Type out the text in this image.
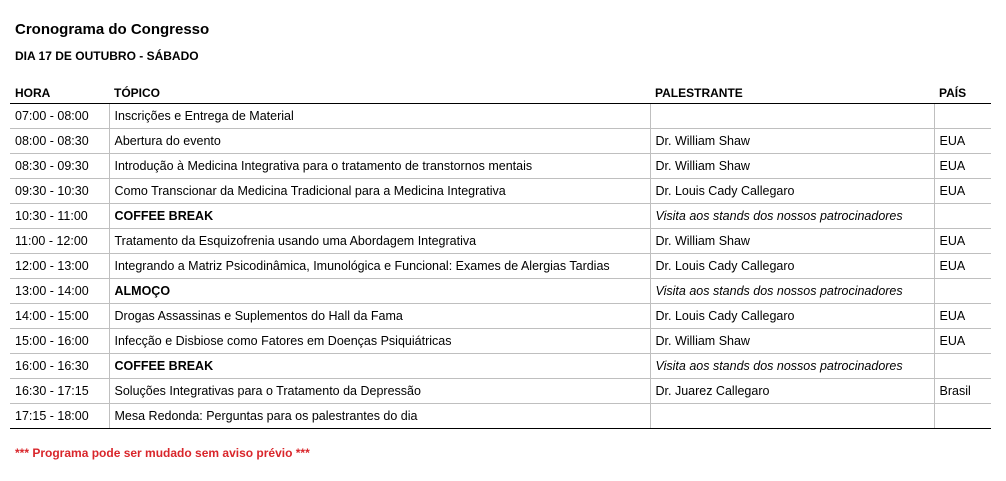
Cronograma do Congresso
DIA 17 DE OUTUBRO - SÁBADO
HORA	TÓPICO	PALESTRANTE	PAÍS
07:00 - 08:00	Inscrições e Entrega de Material		
08:00 - 08:30	Abertura do evento	Dr. William Shaw	EUA
08:30 - 09:30	Introdução à Medicina Integrativa para o tratamento de transtornos mentais	Dr. William Shaw	EUA
09:30 - 10:30	Como Transcionar da Medicina Tradicional para a Medicina Integrativa	Dr. Louis Cady Callegaro	EUA
10:30 - 11:00	COFFEE BREAK	Visita aos stands dos nossos patrocinadores	
11:00 - 12:00	Tratamento da Esquizofrenia usando uma Abordagem Integrativa	Dr. William Shaw	EUA
12:00 - 13:00	Integrando a Matriz Psicodinâmica, Imunológica e Funcional: Exames de Alergias Tardias	Dr. Louis Cady Callegaro	EUA
13:00 - 14:00	ALMOÇO	Visita aos stands dos nossos patrocinadores	
14:00 - 15:00	Drogas Assassinas e Suplementos do Hall da Fama	Dr. Louis Cady Callegaro	EUA
15:00 - 16:00	Infecção e Disbiose como Fatores em Doenças Psiquiátricas	Dr. William Shaw	EUA
16:00 - 16:30	COFFEE BREAK	Visita aos stands dos nossos patrocinadores	
16:30 - 17:15	Soluções Integrativas para o Tratamento da Depressão	Dr. Juarez Callegaro	Brasil
17:15 - 18:00	Mesa Redonda: Perguntas para os palestrantes do dia		
*** Programa pode ser mudado sem aviso prévio ***
